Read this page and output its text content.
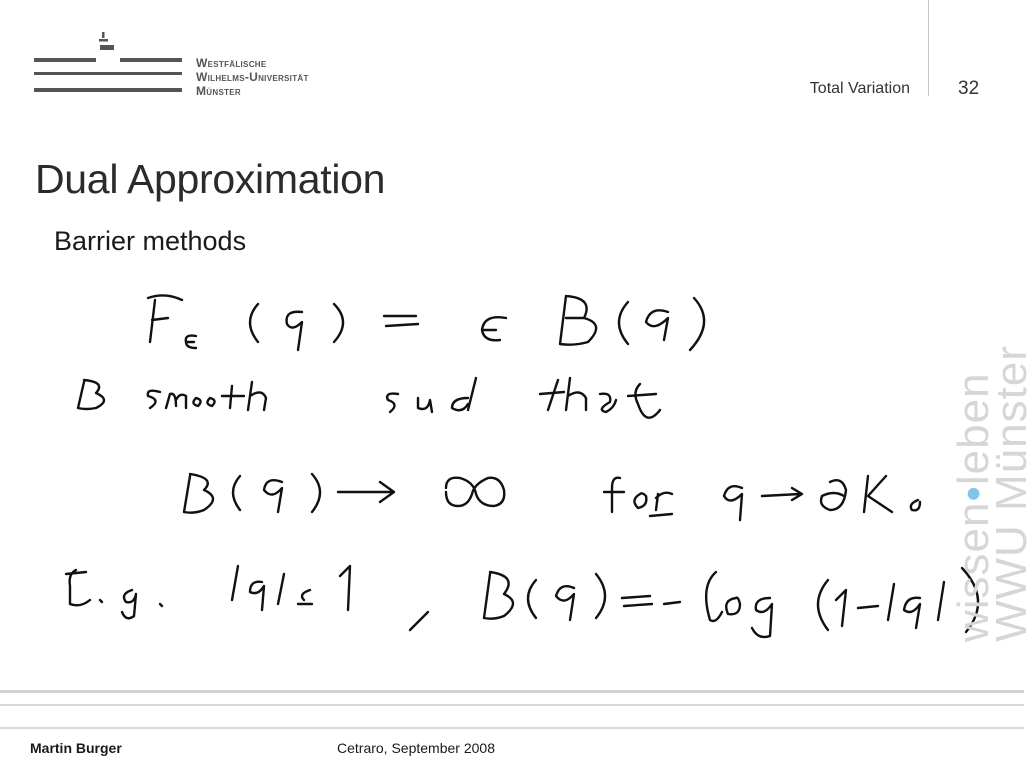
Westfälische
Wilhelms-Universität
Münster	Total Variation	32
Dual Approximation
Barrier methods
wissen•leben
WWU Münster
Martin Burger	Cetraro, September 2008
